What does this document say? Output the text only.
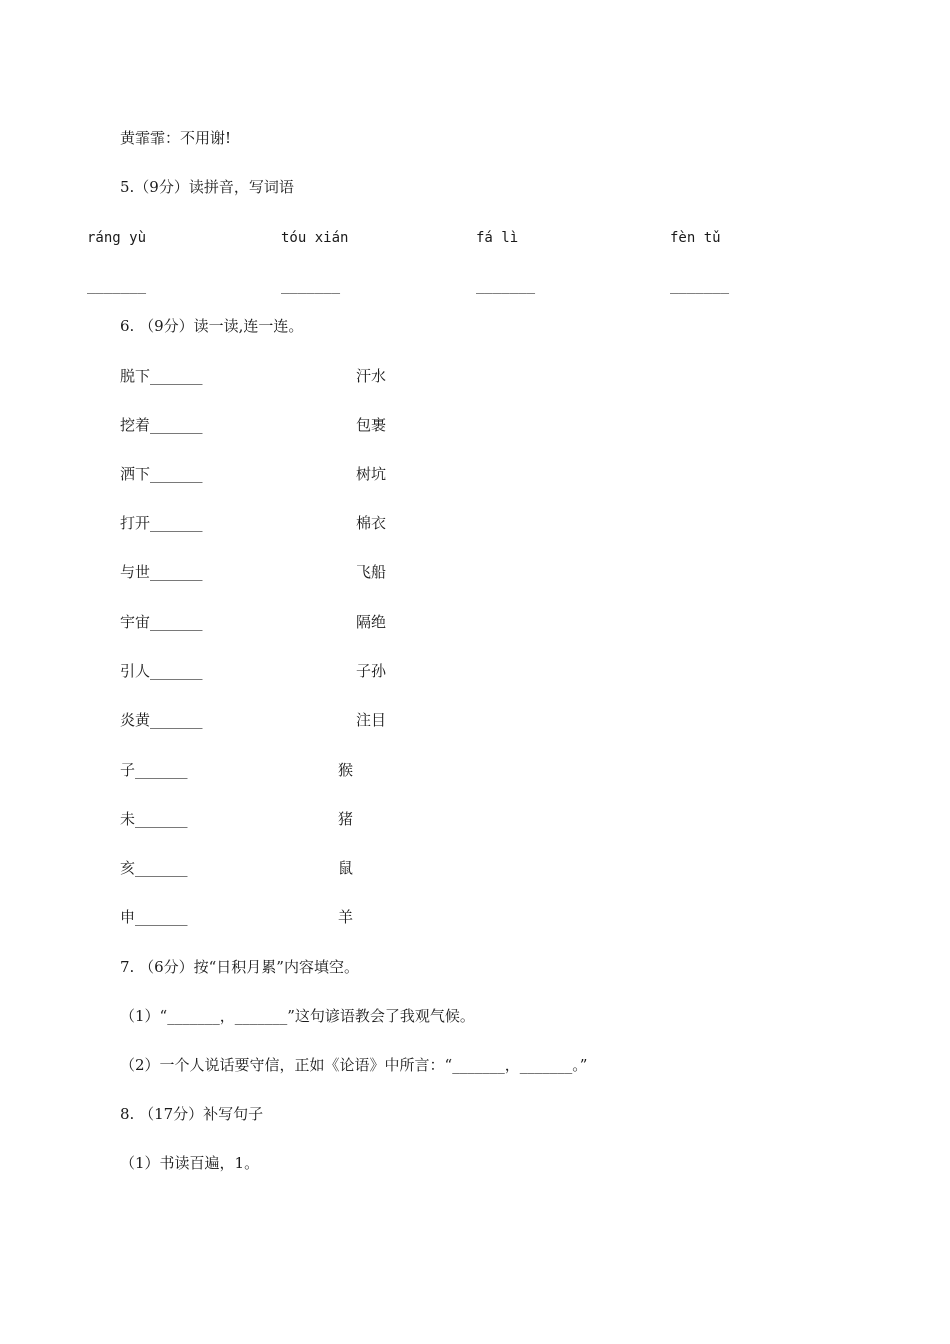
黄霏霏：不用谢!
5.（9分）读拼音，写词语
ráng yù	tóu xián	fá lì	fèn tǔ
_______	_______	_______	_______
6. （9分）读一读,连一连。
脱下_______	汗水
挖着_______	包裹
洒下_______	树坑
打开_______	棉衣
与世_______	飞船
宇宙_______	隔绝
引人_______	子孙
炎黄_______	注目
子_______	猴
未_______	猪
亥_______	鼠
申_______	羊
7. （6分）按“日积月累”内容填空。
（1）“_______，_______”这句谚语教会了我观气候。
（2）一个人说话要守信，正如《论语》中所言：“_______，_______。”
8. （17分）补写句子
（1）书读百遍，1。
